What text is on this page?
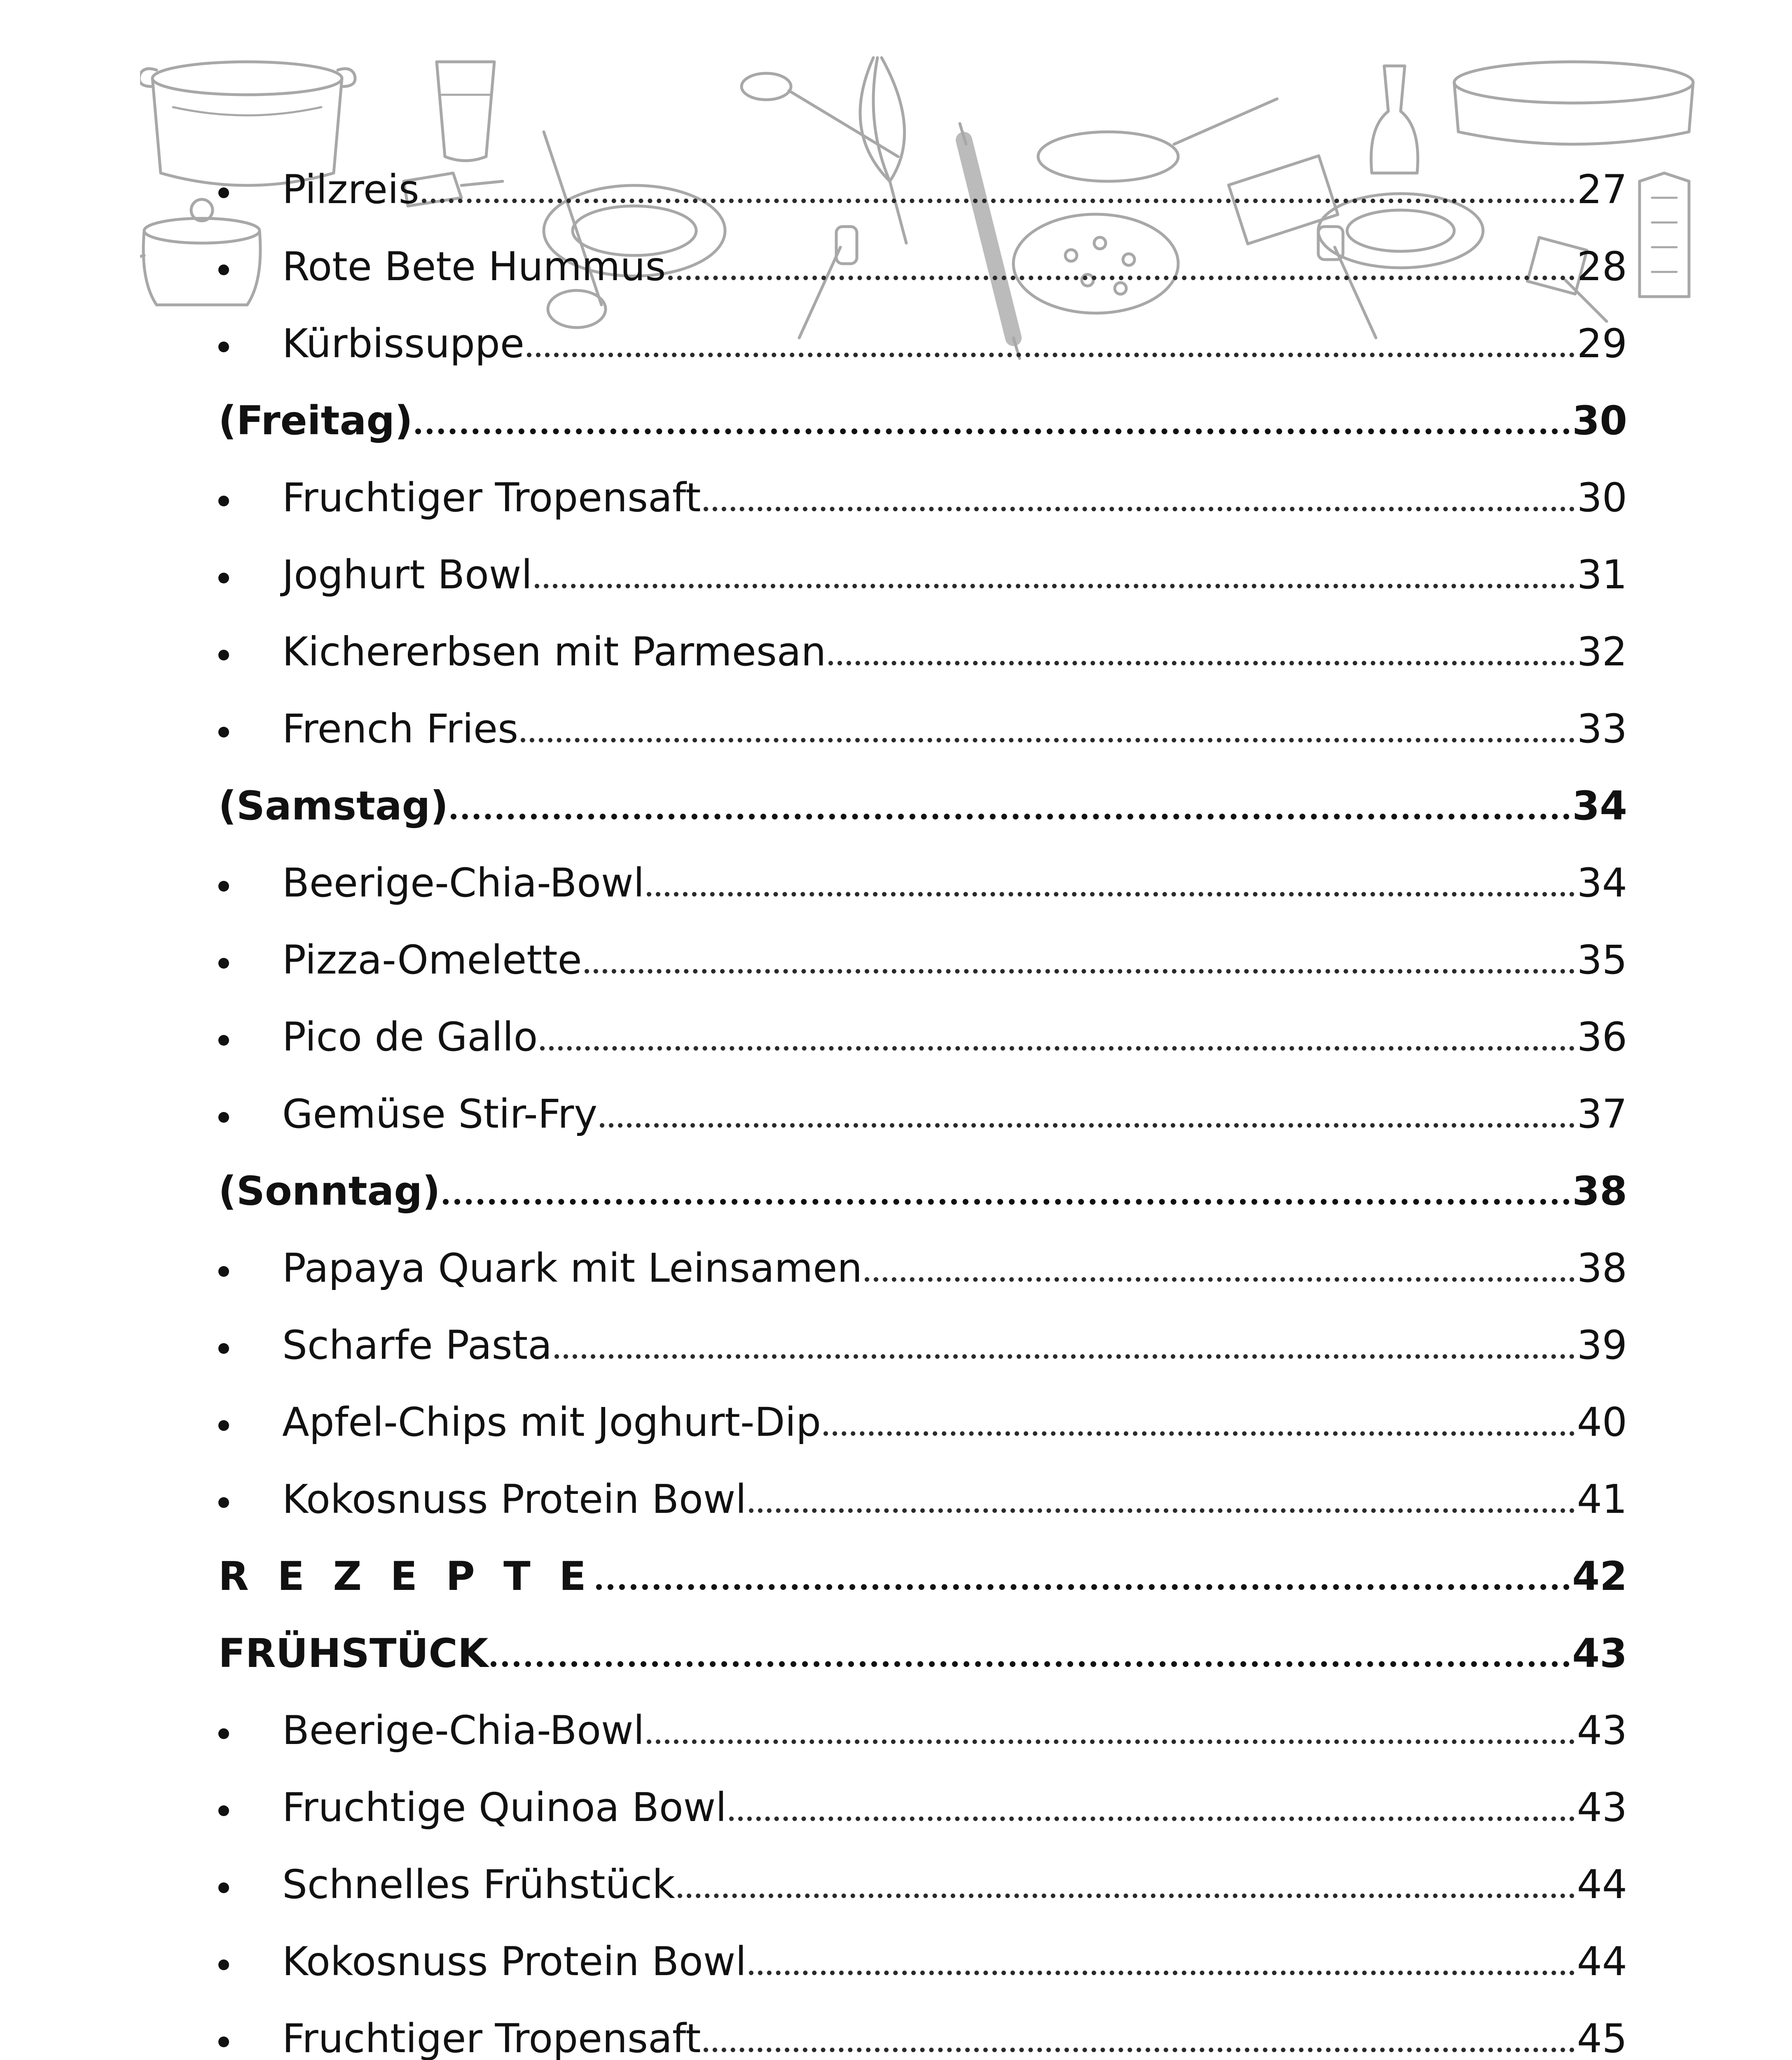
Pilzreis	27
Rote Bete Hummus	28
Kürbissuppe	29
(Freitag)	30
Fruchtiger Tropensaft	30
Joghurt Bowl	31
Kichererbsen mit Parmesan	32
French Fries	33
(Samstag)	34
Beerige-Chia-Bowl	34
Pizza-Omelette	35
Pico de Gallo	36
Gemüse Stir-Fry	37
(Sonntag)	38
Papaya Quark mit Leinsamen	38
Scharfe Pasta	39
Apfel-Chips mit Joghurt-Dip	40
Kokosnuss Protein Bowl	41
R E Z E P T E	42
FRÜHSTÜCK	43
Beerige-Chia-Bowl	43
Fruchtige Quinoa Bowl	43
Schnelles Frühstück	44
Kokosnuss Protein Bowl	44
Fruchtiger Tropensaft	45
